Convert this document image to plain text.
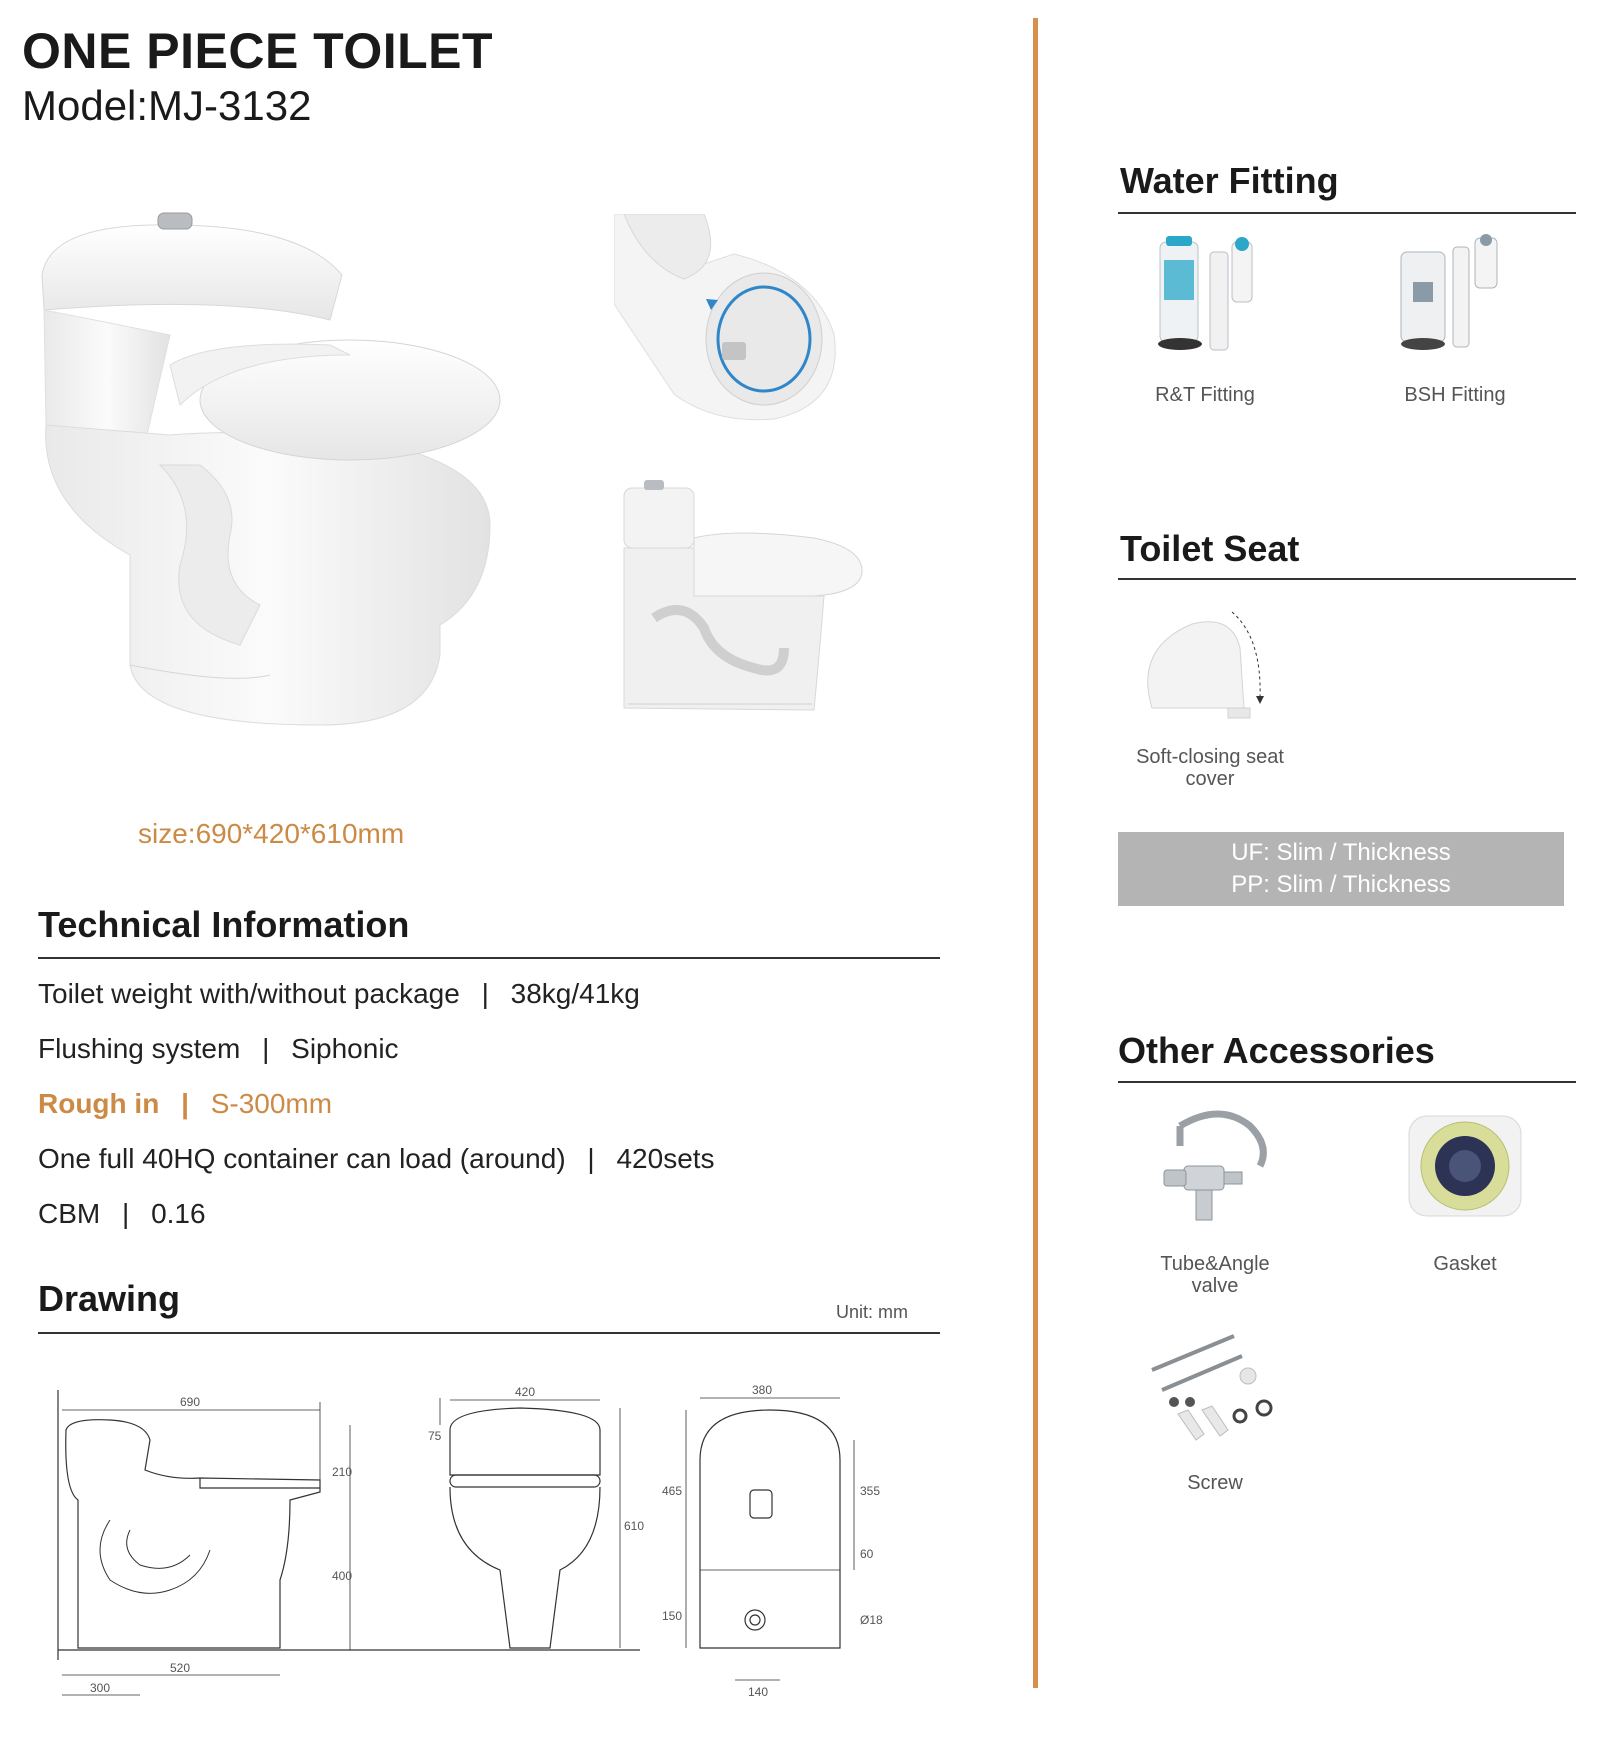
ONE PIECE TOILET
Model:MJ-3132
size:690*420*610mm
Technical Information
Toilet weight with/without package | 38kg/41kg
Flushing system | Siphonic
Rough in | S-300mm
One full 40HQ container can load (around) | 420sets
CBM | 0.16
Drawing	Unit: mm
690
210
400
520
300
420
75
610
380
465	355
60
150	Ø18
140
Water Fitting
R&T Fitting	BSH Fitting
Toilet Seat
Soft-closing seat
cover
UF: Slim / Thickness
PP: Slim / Thickness
Other Accessories
Tube&Angle
valve
Gasket
Screw
